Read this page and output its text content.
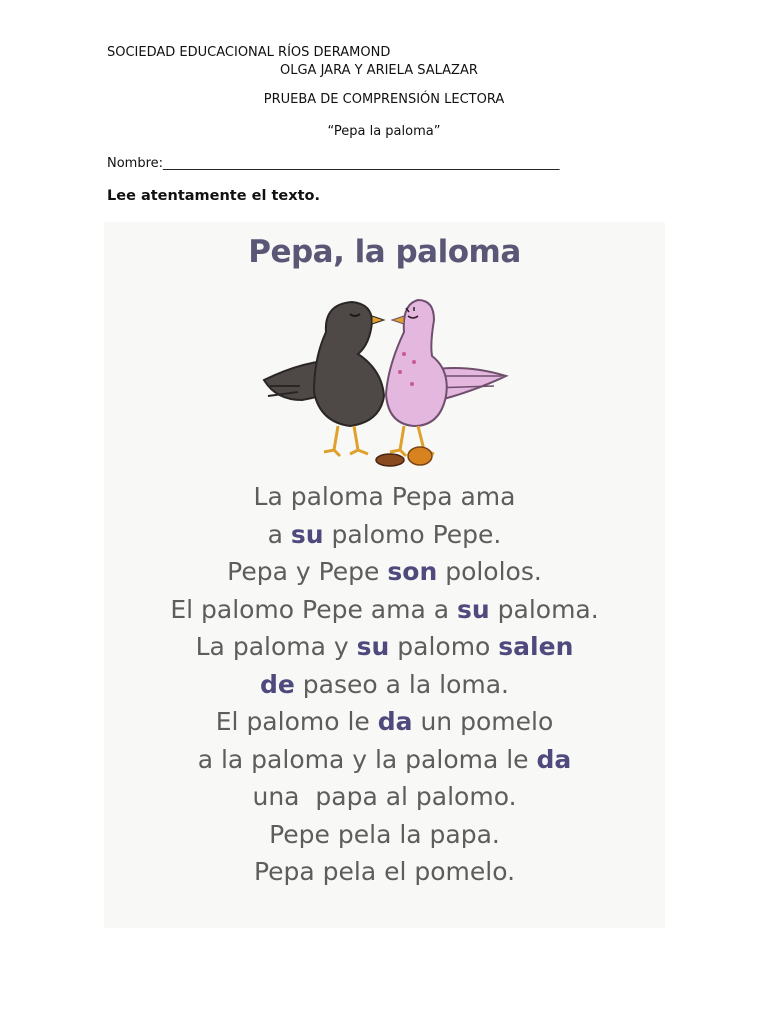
SOCIEDAD EDUCACIONAL RÍOS DERAMOND
OLGA JARA Y ARIELA SALAZAR
PRUEBA DE COMPRENSIÓN LECTORA
“Pepa la paloma”
Nombre:_____________________________________________________________
Lee atentamente el texto.
Pepa, la paloma
La paloma Pepa ama
a su palomo Pepe.
Pepa y Pepe son pololos.
El palomo Pepe ama a su paloma.
La paloma y su palomo salen
de paseo a la loma.
El palomo le da un pomelo
a la paloma y la paloma le da
una  papa al palomo.
Pepe pela la papa.
Pepa pela el pomelo.
